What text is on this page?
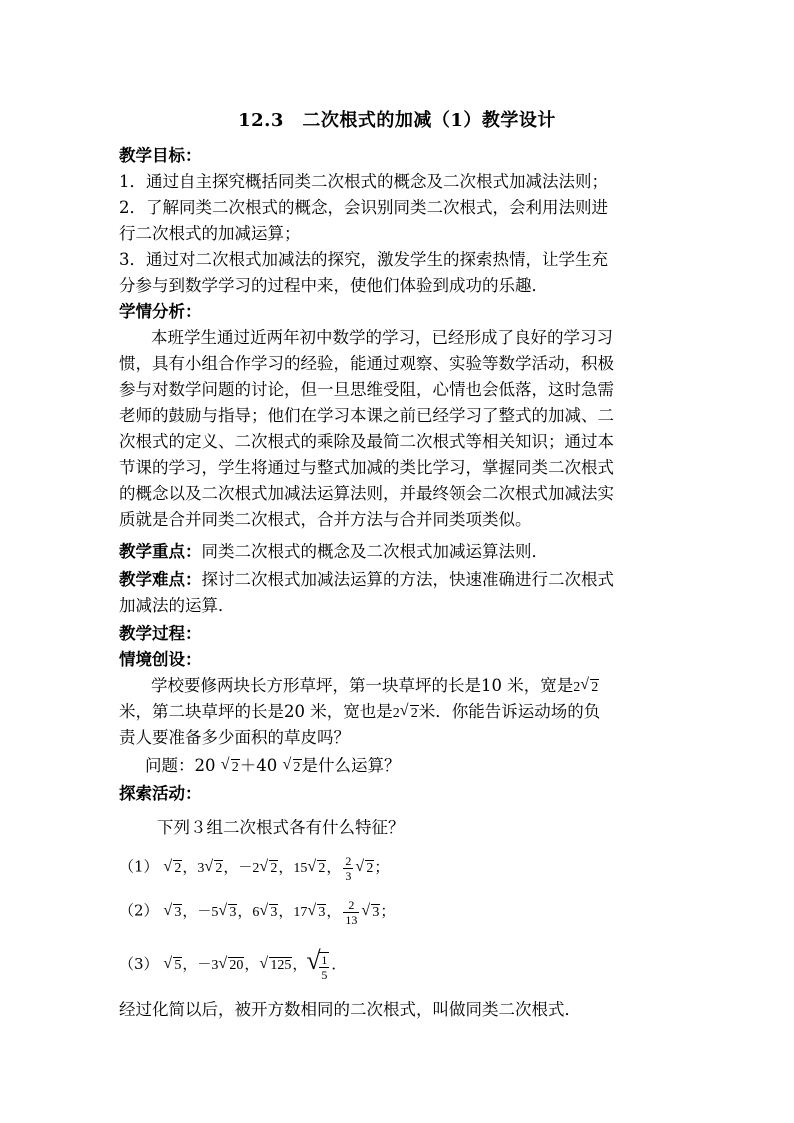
12.3　二次根式的加减（1）教学设计
教学目标：
1．通过自主探究概括同类二次根式的概念及二次根式加减法法则；
2．了解同类二次根式的概念，会识别同类二次根式，会利用法则进
行二次根式的加减运算；
3．通过对二次根式加减法的探究，激发学生的探索热情，让学生充
分参与到数学学习的过程中来，使他们体验到成功的乐趣．
学情分析：
本班学生通过近两年初中数学的学习，已经形成了良好的学习习
惯，具有小组合作学习的经验，能通过观察、实验等数学活动，积极
参与对数学问题的讨论，但一旦思维受阻，心情也会低落，这时急需
老师的鼓励与指导；他们在学习本课之前已经学习了整式的加减、二
次根式的定义、二次根式的乘除及最简二次根式等相关知识；通过本
节课的学习，学生将通过与整式加减的类比学习，掌握同类二次根式
的概念以及二次根式加减法运算法则，并最终领会二次根式加减法实
质就是合并同类二次根式，合并方法与合并同类项类似。
教学重点：同类二次根式的概念及二次根式加减运算法则．
教学难点：探讨二次根式加减法运算的方法，快速准确进行二次根式
加减法的运算．
教学过程：
情境创设：
学校要修两块长方形草坪，第一块草坪的长是10 米，宽是2 √ 2
米，第二块草坪的长是20 米，宽也是2 √ 2米．你能告诉运动场的负
责人要准备多少面积的草皮吗？
问题：20 √ 2＋40 √ 2是什么运算？
探索活动：
下列３组二次根式各有什么特征？
（1） √ 2，3 √ 2，－2 √ 2，15 √ 2， $\frac{2}{3}$ √ 2；
（2） √ 3，－5 √ 3，6 √ 3，17 √ 3， $\frac{2}{13}$ √ 3；
（3） √ 5，－3 √ 20， √ 125， √ $\frac{1}{5}$ ．
经过化简以后，被开方数相同的二次根式，叫做同类二次根式．
